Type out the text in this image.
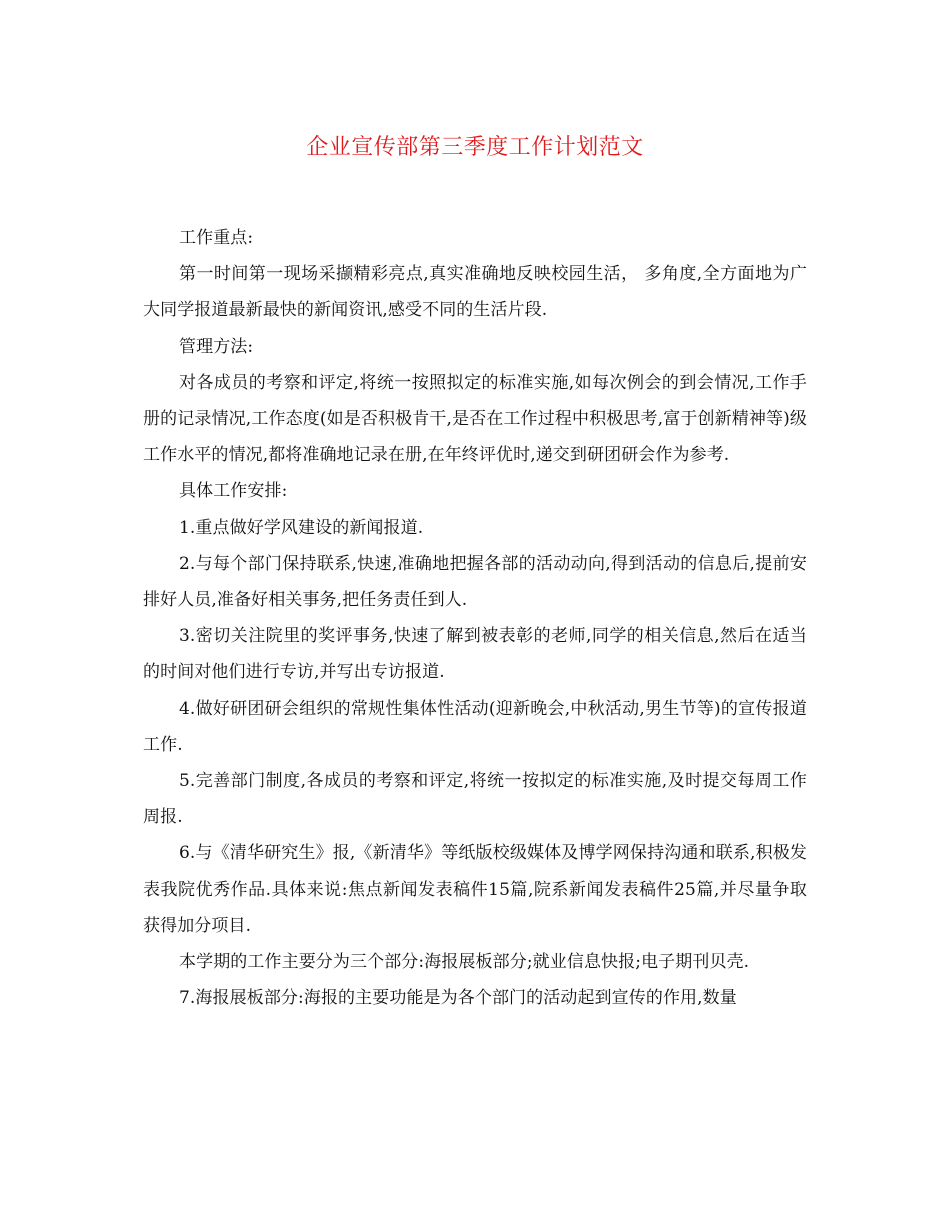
企业宣传部第三季度工作计划范文

工作重点:

第一时间第一现场采撷精彩亮点,真实准确地反映校园生活， 多角度,全方面地为广大同学报道最新最快的新闻资讯,感受不同的生活片段.

管理方法:

对各成员的考察和评定,将统一按照拟定的标准实施,如每次例会的到会情况,工作手册的记录情况,工作态度(如是否积极肯干,是否在工作过程中积极思考,富于创新精神等)级工作水平的情况,都将准确地记录在册,在年终评优时,递交到研团研会作为参考.

具体工作安排:

1.重点做好学风建设的新闻报道.

2.与每个部门保持联系,快速,准确地把握各部的活动动向,得到活动的信息后,提前安排好人员,准备好相关事务,把任务责任到人.

3.密切关注院里的奖评事务,快速了解到被表彰的老师,同学的相关信息,然后在适当的时间对他们进行专访,并写出专访报道.

4.做好研团研会组织的常规性集体性活动(迎新晚会,中秋活动,男生节等)的宣传报道工作.

5.完善部门制度,各成员的考察和评定,将统一按拟定的标准实施,及时提交每周工作周报.

6.与《清华研究生》报,《新清华》等纸版校级媒体及博学网保持沟通和联系,积极发表我院优秀作品.具体来说:焦点新闻发表稿件15篇,院系新闻发表稿件25篇,并尽量争取获得加分项目.

本学期的工作主要分为三个部分:海报展板部分;就业信息快报;电子期刊贝壳.

7.海报展板部分:海报的主要功能是为各个部门的活动起到宣传的作用,数量
